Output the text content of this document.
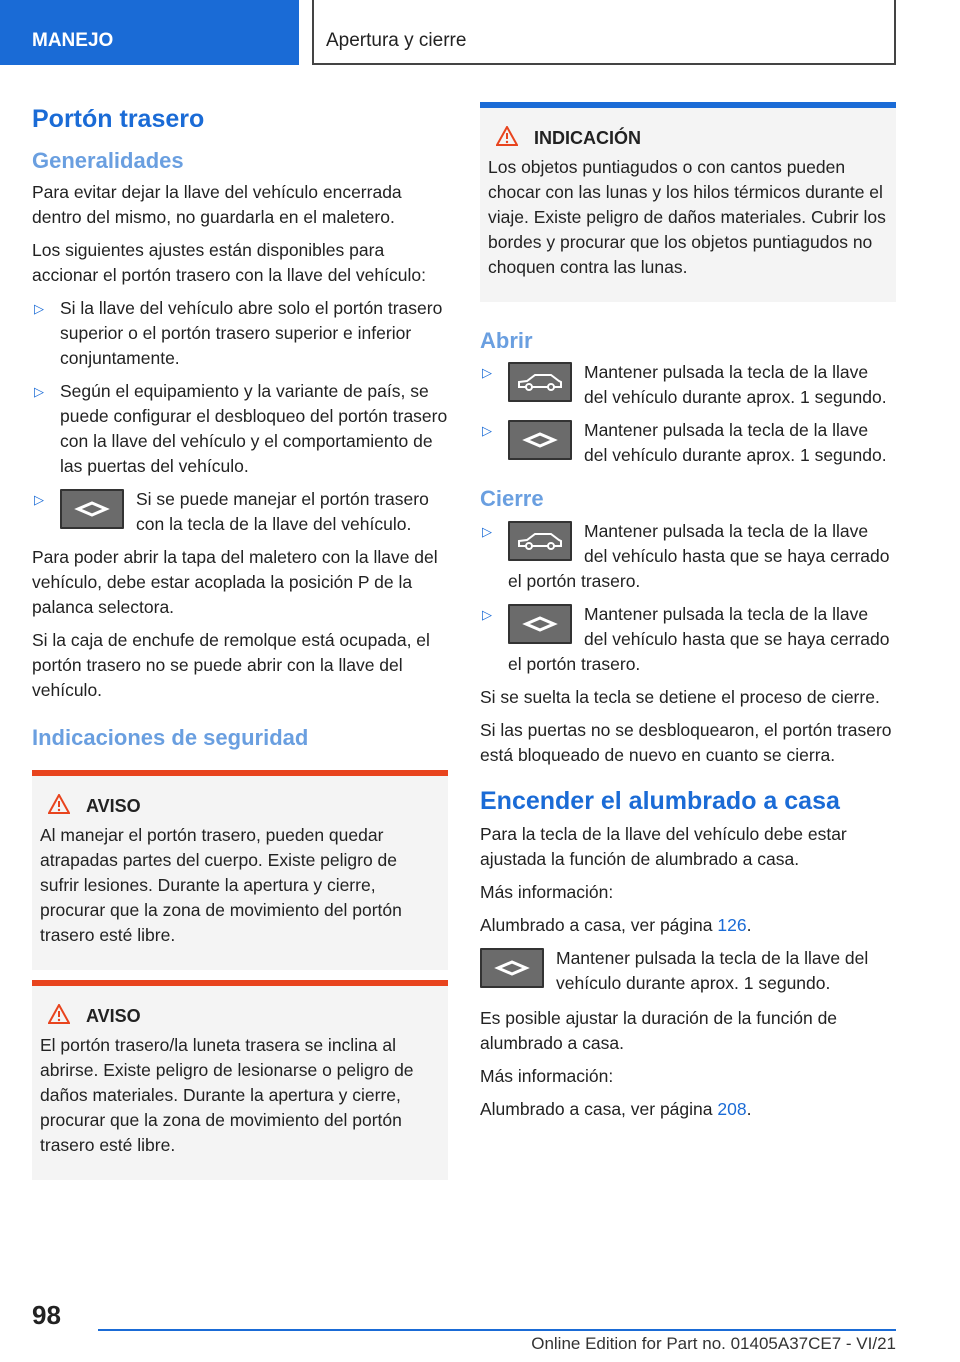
MANEJO	Apertura y cierre
Portón trasero
Generalidades

Para evitar dejar la llave del vehículo encerrada dentro del mismo, no guardarla en el maletero.

Los siguientes ajustes están disponibles para accionar el portón trasero con la llave del vehículo:

▷ Si la llave del vehículo abre solo el portón trasero superior o el portón trasero superior e inferior conjuntamente.
▷ Según el equipamiento y la variante de país, se puede configurar el desbloqueo del portón trasero con la llave del vehículo y el comportamiento de las puertas del vehículo.
▷	Si se puede manejar el portón trasero con la tecla de la llave del vehículo.

Para poder abrir la tapa del maletero con la llave del vehículo, debe estar acoplada la posición P de la palanca selectora.

Si la caja de enchufe de remolque está ocupada, el portón trasero no se puede abrir con la llave del vehículo.

Indicaciones de seguridad
AVISO

Al manejar el portón trasero, pueden quedar atrapadas partes del cuerpo. Existe peligro de sufrir lesiones. Durante la apertura y cierre, procurar que la zona de movimiento del portón trasero esté libre.

AVISO

El portón trasero/la luneta trasera se inclina al abrirse. Existe peligro de lesionarse o peligro de daños materiales. Durante la apertura y cierre, procurar que la zona de movimiento del portón trasero esté libre.

INDICACIÓN

Los objetos puntiagudos o con cantos pueden chocar con las lunas y los hilos térmicos durante el viaje. Existe peligro de daños materiales. Cubrir los bordes y procurar que los objetos puntiagudos no choquen contra las lunas.

Abrir
▷	Mantener pulsada la tecla de la llave del vehículo durante aprox. 1 segundo.
▷	Mantener pulsada la tecla de la llave del vehículo durante aprox. 1 segundo.
Cierre
▷	Mantener pulsada la tecla de la llave del vehículo hasta que se haya cerrado el portón trasero.
▷	Mantener pulsada la tecla de la llave del vehículo hasta que se haya cerrado el portón trasero.

Si se suelta la tecla se detiene el proceso de cierre.

Si las puertas no se desbloquearon, el portón trasero está bloqueado de nuevo en cuanto se cierra.

Encender el alumbrado a casa

Para la tecla de la llave del vehículo debe estar ajustada la función de alumbrado a casa.

Más información:

Alumbrado a casa, ver página 126.

Mantener pulsada la tecla de la llave del vehículo durante aprox. 1 segundo.

Es posible ajustar la duración de la función de alumbrado a casa.

Más información:

Alumbrado a casa, ver página 208.

98
Online Edition for Part no. 01405A37CE7 - VI/21
